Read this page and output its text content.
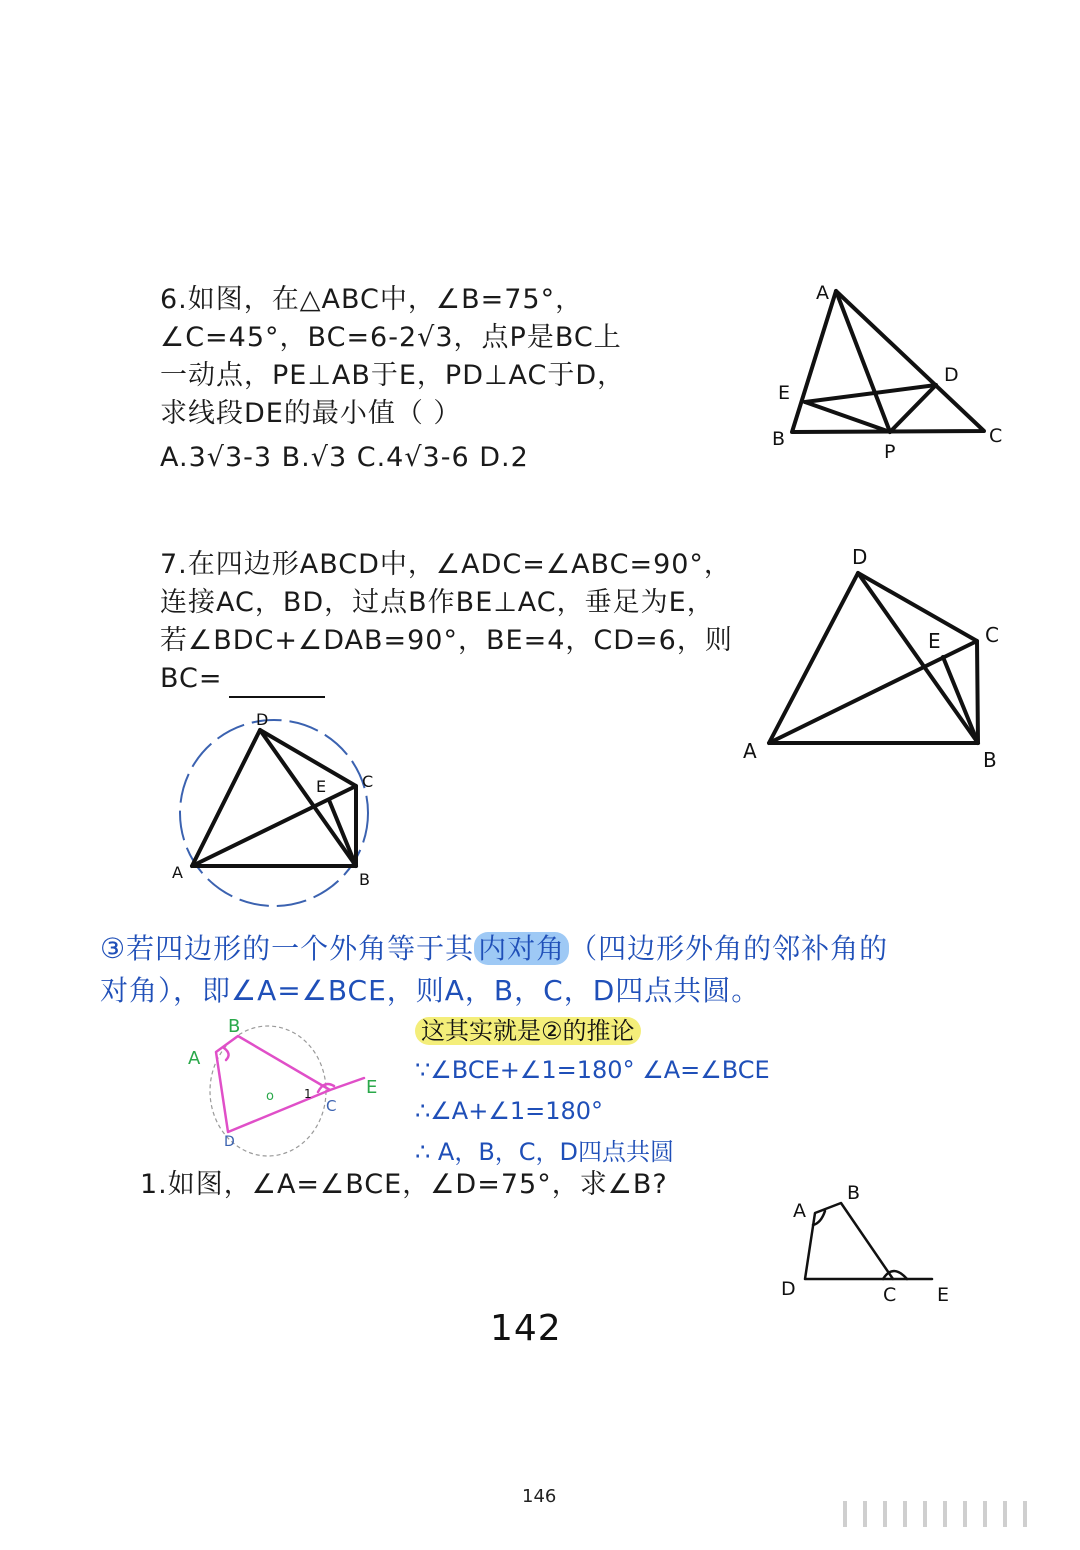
6.如图，在△ABC中，∠B=75°，
∠C=45°，BC=6-2√3，点P是BC上
一动点，PE⊥AB于E，PD⊥AC于D，
求线段DE的最小值（ ）
A.3√3-3 B.√3 C.4√3-6 D.2
A
E
D
B
P
C
7.在四边形ABCD中，∠ADC=∠ABC=90°，
连接AC，BD，过点B作BE⊥AC，垂足为E，
若∠BDC+∠DAB=90°，BE=4，CD=6，则
BC=
D
C
E
A	B
D
C
E
A	B
③若四边形的一个外角等于其 内对角 （四边形外角的邻补角的
对角），即∠A=∠BCE，则A，B，C，D四点共圆。
B
A
E
C
D
1
o
这其实就是②的推论
∵∠BCE+∠1=180° ∠A=∠BCE
∴∠A+∠1=180°
∴ A，B，C，D四点共圆
1.如图，∠A=∠BCE，∠D=75°，求∠B?
A
B
D	C E
142
146
